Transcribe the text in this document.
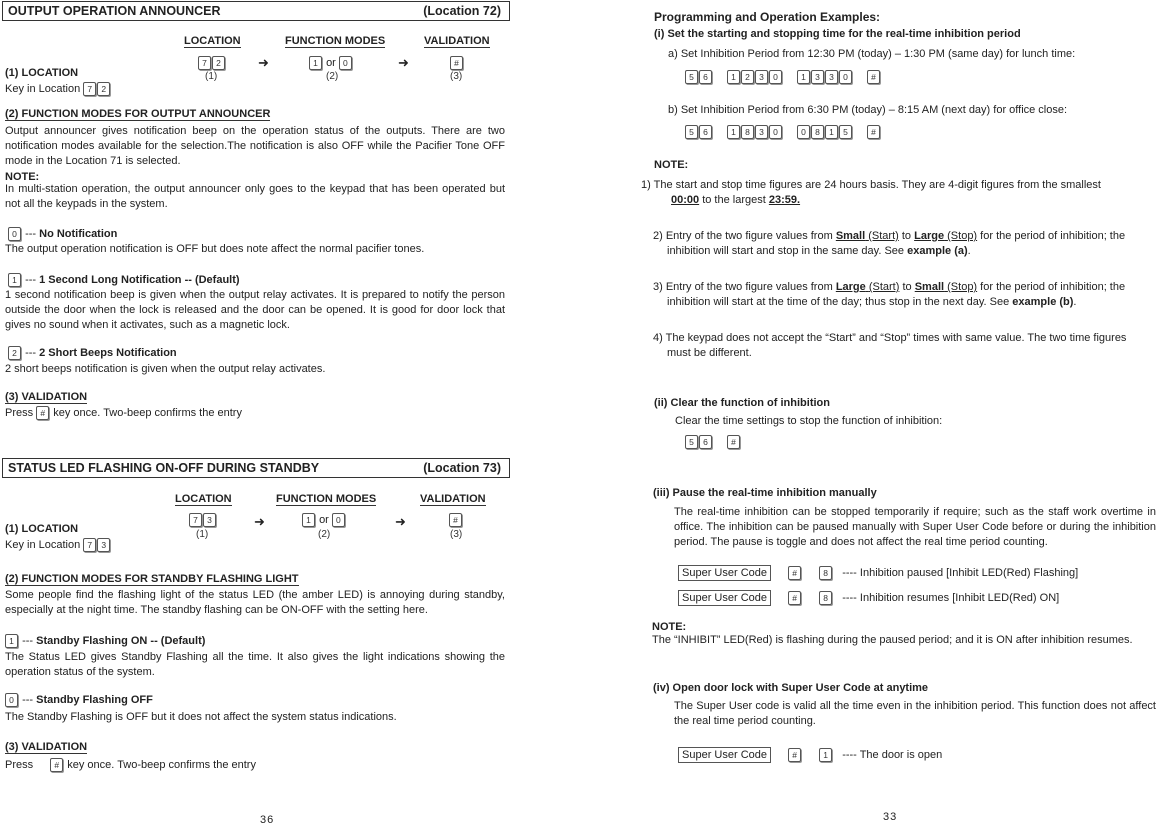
OUTPUT OPERATION ANNOUNCER	(Location 72)
LOCATION	FUNCTION MODES	VALIDATION
7 2	➜	1 or 0	➜	#
(1)	(2)	(3)
(1) LOCATION
Key in Location 7 2
(2) FUNCTION MODES FOR OUTPUT ANNOUNCER
Output announcer gives notification beep on the operation status of the outputs. There are two notification modes available for the selection.The notification is also OFF while the Pacifier Tone OFF mode in the Location 71 is selected.
NOTE:
In multi-station operation, the output announcer only goes to the keypad that has been operated but not all the keypads in the system.
0 --- No Notification
The output operation notification is OFF but does note affect the normal pacifier tones.
1 --- 1 Second Long Notification -- (Default)
1 second notification beep is given when the output relay activates. It is prepared to notify the person outside the door when the lock is released and the door can be opened. It is good for door lock that gives no sound when it activates, such as a magnetic lock.
2 --- 2 Short Beeps Notification
2 short beeps notification is given when the output relay activates.
(3) VALIDATION
Press # key once. Two-beep confirms the entry
STATUS LED FLASHING ON-OFF DURING STANDBY	(Location 73)
LOCATION	FUNCTION MODES	VALIDATION
7 3	➜	1 or 0	➜	#
(1)	(2)	(3)
(1) LOCATION
Key in Location 7 3
(2) FUNCTION MODES FOR STANDBY FLASHING LIGHT
Some people find the flashing light of the status LED (the amber LED) is annoying during standby, especially at the night time. The standby flashing can be ON-OFF with the setting here.
1 --- Standby Flashing ON -- (Default)
The Status LED gives Standby Flashing all the time. It also gives the light indications showing the operation status of the system.
0 --- Standby Flashing OFF
The Standby Flashing is OFF but it does not affect the system status indications.
(3) VALIDATION
Press # key once. Two-beep confirms the entry
36
Programming and Operation Examples:
(i) Set the starting and stopping time for the real-time inhibition period
a) Set Inhibition Period from 12:30 PM (today) – 1:30 PM (same day) for lunch time:
5 6	1 2 3 0	1 3 3 0	#
b) Set Inhibition Period from 6:30 PM (today) – 8:15 AM (next day) for office close:
5 6	1 8 3 0	0 8 1 5	#
NOTE:
1) The start and stop time figures are 24 hours basis. They are 4-digit figures from the smallest
00:00 to the largest 23:59.
2) Entry of the two figure values from Small (Start) to Large (Stop) for the period of inhibition; the
inhibition will start and stop in the same day. See example (a).
3) Entry of the two figure values from Large (Start) to Small (Stop) for the period of inhibition; the
inhibition will start at the time of the day; thus stop in the next day. See example (b).
4) The keypad does not accept the “Start” and “Stop” times with same value. The two time figures
must be different.
(ii) Clear the function of inhibition
Clear the time settings to stop the function of inhibition:
5 6	#
(iii) Pause the real-time inhibition manually
The real-time inhibition can be stopped temporarily if require; such as the staff work overtime in office. The inhibition can be paused manually with Super User Code before or during the inhibition period. The pause is toggle and does not affect the real time period counting.
Super User Code	#	8 ---- Inhibition paused [Inhibit LED(Red) Flashing]
Super User Code	#	8 ---- Inhibition resumes [Inhibit LED(Red) ON]
NOTE:
The “INHIBIT” LED(Red) is flashing during the paused period; and it is ON after inhibition resumes.
(iv) Open door lock with Super User Code at anytime
The Super User code is valid all the time even in the inhibition period. This function does not affect the real time period counting.
Super User Code	#	1 ---- The door is open
33
